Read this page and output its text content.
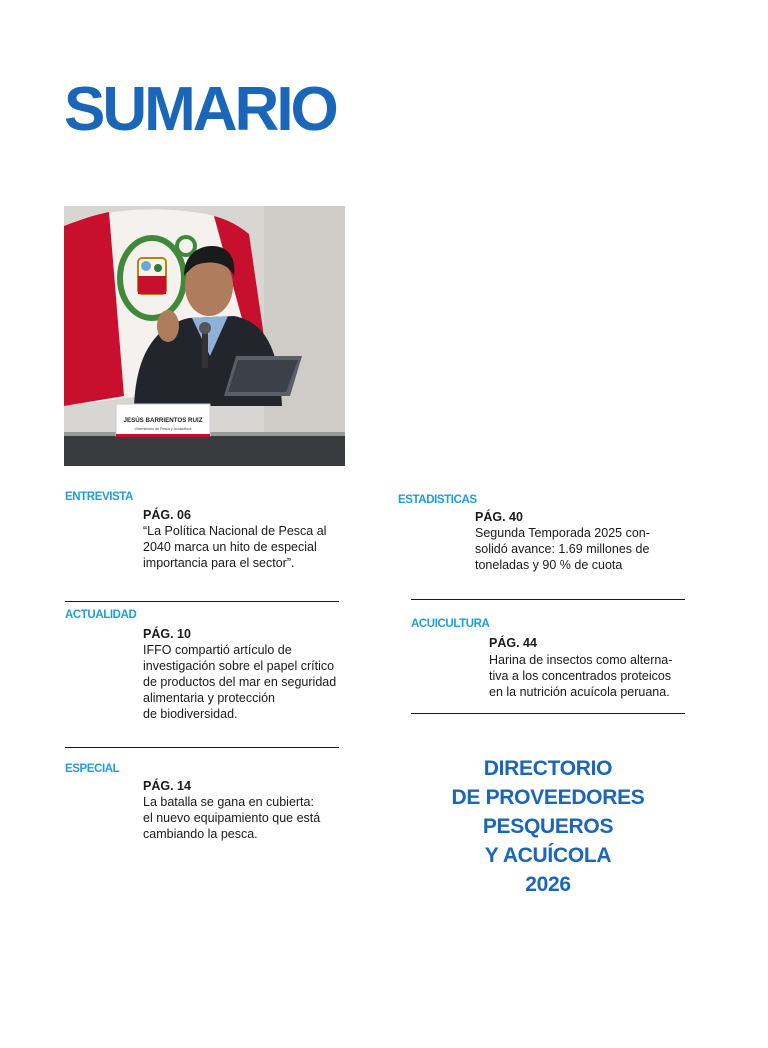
SUMARIO
JESÚS BARRIENTOS RUIZ
Viceministro de Pesca y Acuicultura
ENTREVISTA
PÁG. 06

“La Política Nacional de Pesca al
2040 marca un hito de especial
importancia para el sector”.

ACTUALIDAD
PÁG. 10

IFFO compartió artículo de
investigación sobre el papel crítico
de productos del mar en seguridad
alimentaria y protección
de biodiversidad.

ESPECIAL
PÁG. 14

La batalla se gana en cubierta:
el nuevo equipamiento que está
cambiando la pesca.

ESTADISTICAS
PÁG. 40

Segunda Temporada 2025 con-
solidó avance: 1.69 millones de
toneladas y 90 % de cuota

ACUICULTURA
PÁG. 44

Harina de insectos como alterna-
tiva a los concentrados proteicos
en la nutrición acuícola peruana.

DIRECTORIO
DE PROVEEDORES
PESQUEROS
Y ACUÍCOLA
2026
